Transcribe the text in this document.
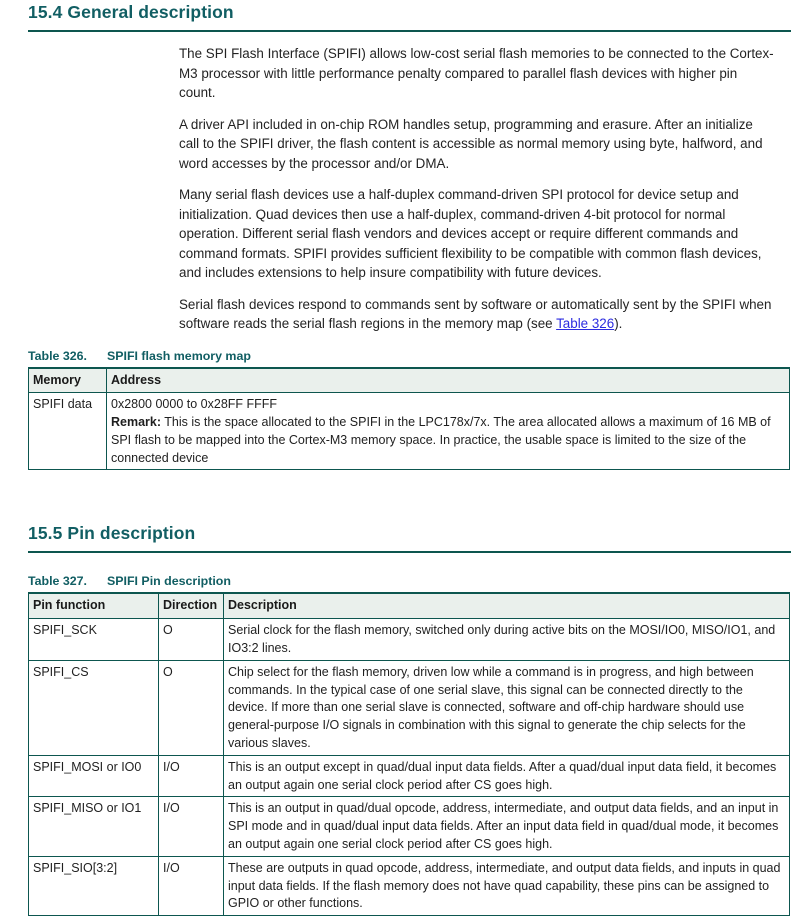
15.4 General description

The SPI Flash Interface (SPIFI) allows low-cost serial flash memories to be connected to the Cortex-M3 processor with little performance penalty compared to parallel flash devices with higher pin count.

A driver API included in on-chip ROM handles setup, programming and erasure. After an initialize call to the SPIFI driver, the flash content is accessible as normal memory using byte, halfword, and word accesses by the processor and/or DMA.

Many serial flash devices use a half-duplex command-driven SPI protocol for device setup and initialization. Quad devices then use a half-duplex, command-driven 4-bit protocol for normal operation. Different serial flash vendors and devices accept or require different commands and command formats. SPIFI provides sufficient flexibility to be compatible with common flash devices, and includes extensions to help insure compatibility with future devices.

Serial flash devices respond to commands sent by software or automatically sent by the SPIFI when software reads the serial flash regions in the memory map (see Table 326).

Table 326. SPIFI flash memory map
Memory	Address
SPIFI data	0x2800 0000 to 0x28FF FFFF
Remark: This is the space allocated to the SPIFI in the LPC178x/7x. The area allocated allows a maximum of 16 MB of SPI flash to be mapped into the Cortex-M3 memory space. In practice, the usable space is limited to the size of the connected device
15.5 Pin description
Table 327. SPIFI Pin description
Pin function	Direction	Description
SPIFI_SCK	O	Serial clock for the flash memory, switched only during active bits on the MOSI/IO0, MISO/IO1, and IO3:2 lines.
SPIFI_CS	O	Chip select for the flash memory, driven low while a command is in progress, and high between commands. In the typical case of one serial slave, this signal can be connected directly to the device. If more than one serial slave is connected, software and off-chip hardware should use general-purpose I/O signals in combination with this signal to generate the chip selects for the various slaves.
SPIFI_MOSI or IO0	I/O	This is an output except in quad/dual input data fields. After a quad/dual input data field, it becomes an output again one serial clock period after CS goes high.
SPIFI_MISO or IO1	I/O	This is an output in quad/dual opcode, address, intermediate, and output data fields, and an input in SPI mode and in quad/dual input data fields. After an input data field in quad/dual mode, it becomes an output again one serial clock period after CS goes high.
SPIFI_SIO[3:2]	I/O	These are outputs in quad opcode, address, intermediate, and output data fields, and inputs in quad input data fields. If the flash memory does not have quad capability, these pins can be assigned to GPIO or other functions.
